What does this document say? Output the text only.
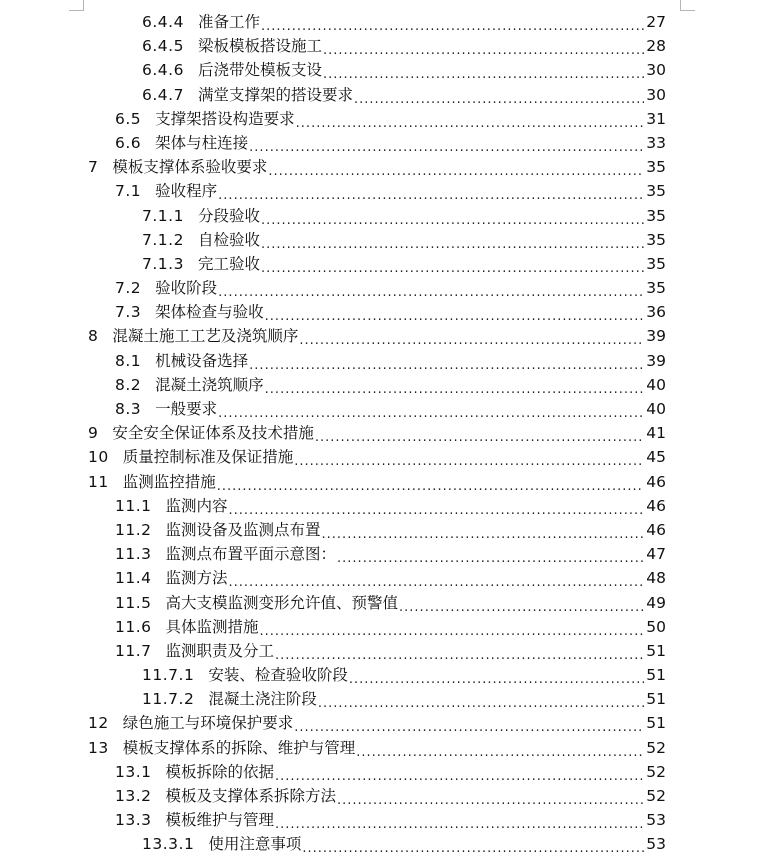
6.4.4 准备工作 .....	27
6.4.5 梁板模板搭设施工 .....	28
6.4.6 后浇带处模板支设 .....	30
6.4.7 满堂支撑架的搭设要求 .....	30
6.5 支撑架搭设构造要求 .....	31
6.6 架体与柱连接 .....	33
7 模板支撑体系验收要求 .....	35
7.1 验收程序 .....	35
7.1.1 分段验收 .....	35
7.1.2 自检验收 .....	35
7.1.3 完工验收 .....	35
7.2 验收阶段 .....	35
7.3 架体检查与验收 .....	36
8 混凝土施工工艺及浇筑顺序 .....	39
8.1 机械设备选择 .....	39
8.2 混凝土浇筑顺序 .....	40
8.3 一般要求 .....	40
9 安全安全保证体系及技术措施 .....	41
10 质量控制标准及保证措施 .....	45
11 监测监控措施 .....	46
11.1 监测内容 .....	46
11.2 监测设备及监测点布置 .....	46
11.3 监测点布置平面示意图： .....	47
11.4 监测方法 .....	48
11.5 高大支模监测变形允许值、预警值 .....	49
11.6 具体监测措施 .....	50
11.7 监测职责及分工 .....	51
11.7.1 安装、检查验收阶段 .....	51
11.7.2 混凝土浇注阶段 .....	51
12 绿色施工与环境保护要求 .....	51
13 模板支撑体系的拆除、维护与管理 .....	52
13.1 模板拆除的依据 .....	52
13.2 模板及支撑体系拆除方法 .....	52
13.3 模板维护与管理 .....	53
13.3.1 使用注意事项 .....	53
